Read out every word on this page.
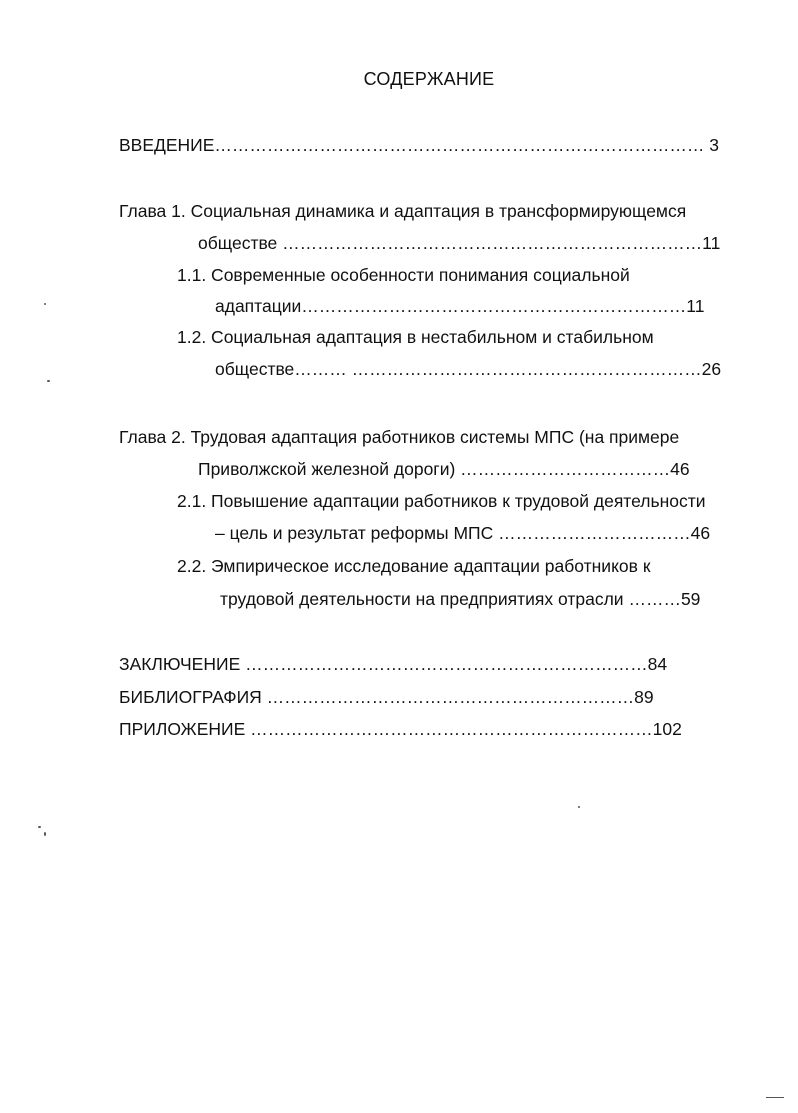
СОДЕРЖАНИЕ
ВВЕДЕНИЕ………………………………………………………………………… 3
Глава 1. Социальная динамика и адаптация в трансформирующемся
обществе ………………………………………………………………11
1.1. Современные особенности понимания социальной
адаптации…………………………………………………………11
1.2. Социальная адаптация в нестабильном и стабильном
обществе……… ……………………………………………………26
Глава 2. Трудовая адаптация работников системы МПС (на примере
Приволжской железной дороги) ………………………………46
2.1. Повышение адаптации работников к трудовой деятельности
– цель и результат реформы МПС ……………………………46
2.2. Эмпирическое исследование адаптации работников к
трудовой деятельности на предприятиях отрасли ………59
ЗАКЛЮЧЕНИЕ ……………………………………………………………84
БИБЛИОГРАФИЯ ………………………………………………………89
ПРИЛОЖЕНИЕ ……………………………………………………………102
